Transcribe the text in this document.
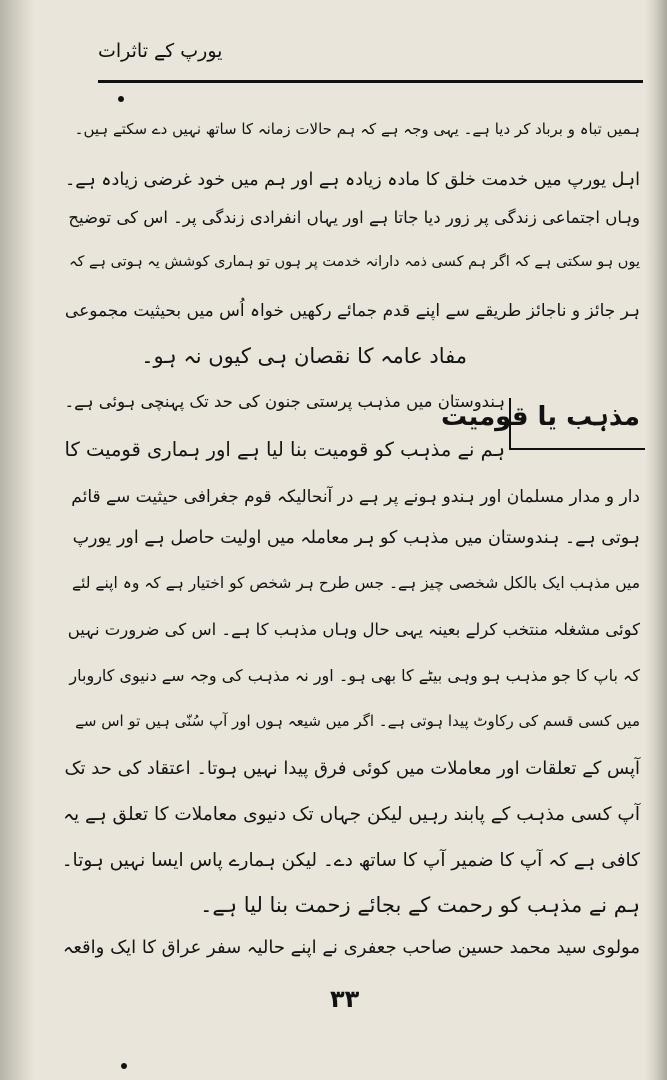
یورپ کے تاثرات
ہمیں تباہ و برباد کر دیا ہے۔ یہی وجہ ہے کہ ہم حالات زمانہ کا ساتھ نہیں دے سکتے ہیں۔
اہل یورپ میں خدمت خلق کا مادہ زیادہ ہے اور ہم میں خود غرضی زیادہ ہے۔
وہاں اجتماعی زندگی پر زور دیا جاتا ہے اور یہاں انفرادی زندگی پر۔ اس کی توضیح
یوں ہو سکتی ہے کہ اگر ہم کسی ذمہ دارانہ خدمت پر ہوں تو ہماری کوشش یہ ہوتی ہے کہ
ہر جائز و ناجائز طریقے سے اپنے قدم جمائے رکھیں خواہ اُس میں بحیثیت مجموعی
مفاد عامہ کا نقصان ہی کیوں نہ ہو۔
مذہب یا قومیت
ہندوستان میں مذہب پرستی جنون کی حد تک پہنچی ہوئی ہے۔
ہم نے مذہب کو قومیت بنا لیا ہے اور ہماری قومیت کا
دار و مدار مسلمان اور ہندو ہونے پر ہے در آنحالیکہ قوم جغرافی حیثیت سے قائم
ہوتی ہے۔ ہندوستان میں مذہب کو ہر معاملہ میں اولیت حاصل ہے اور یورپ
میں مذہب ایک بالکل شخصی چیز ہے۔ جس طرح ہر شخص کو اختیار ہے کہ وہ اپنے لئے
کوئی مشغلہ منتخب کرلے بعینہ یہی حال وہاں مذہب کا ہے۔ اس کی ضرورت نہیں
کہ باپ کا جو مذہب ہو وہی بیٹے کا بھی ہو۔ اور نہ مذہب کی وجہ سے دنیوی کاروبار
میں کسی قسم کی رکاوٹ پیدا ہوتی ہے۔ اگر میں شیعہ ہوں اور آپ سُنّی ہیں تو اس سے
آپس کے تعلقات اور معاملات میں کوئی فرق پیدا نہیں ہوتا۔ اعتقاد کی حد تک
آپ کسی مذہب کے پابند رہیں لیکن جہاں تک دنیوی معاملات کا تعلق ہے یہ
کافی ہے کہ آپ کا ضمیر آپ کا ساتھ دے۔ لیکن ہمارے پاس ایسا نہیں ہوتا۔
ہم نے مذہب کو رحمت کے بجائے زحمت بنا لیا ہے۔
مولوی سید محمد حسین صاحب جعفری نے اپنے حالیہ سفر عراق کا ایک واقعہ
۳۳
